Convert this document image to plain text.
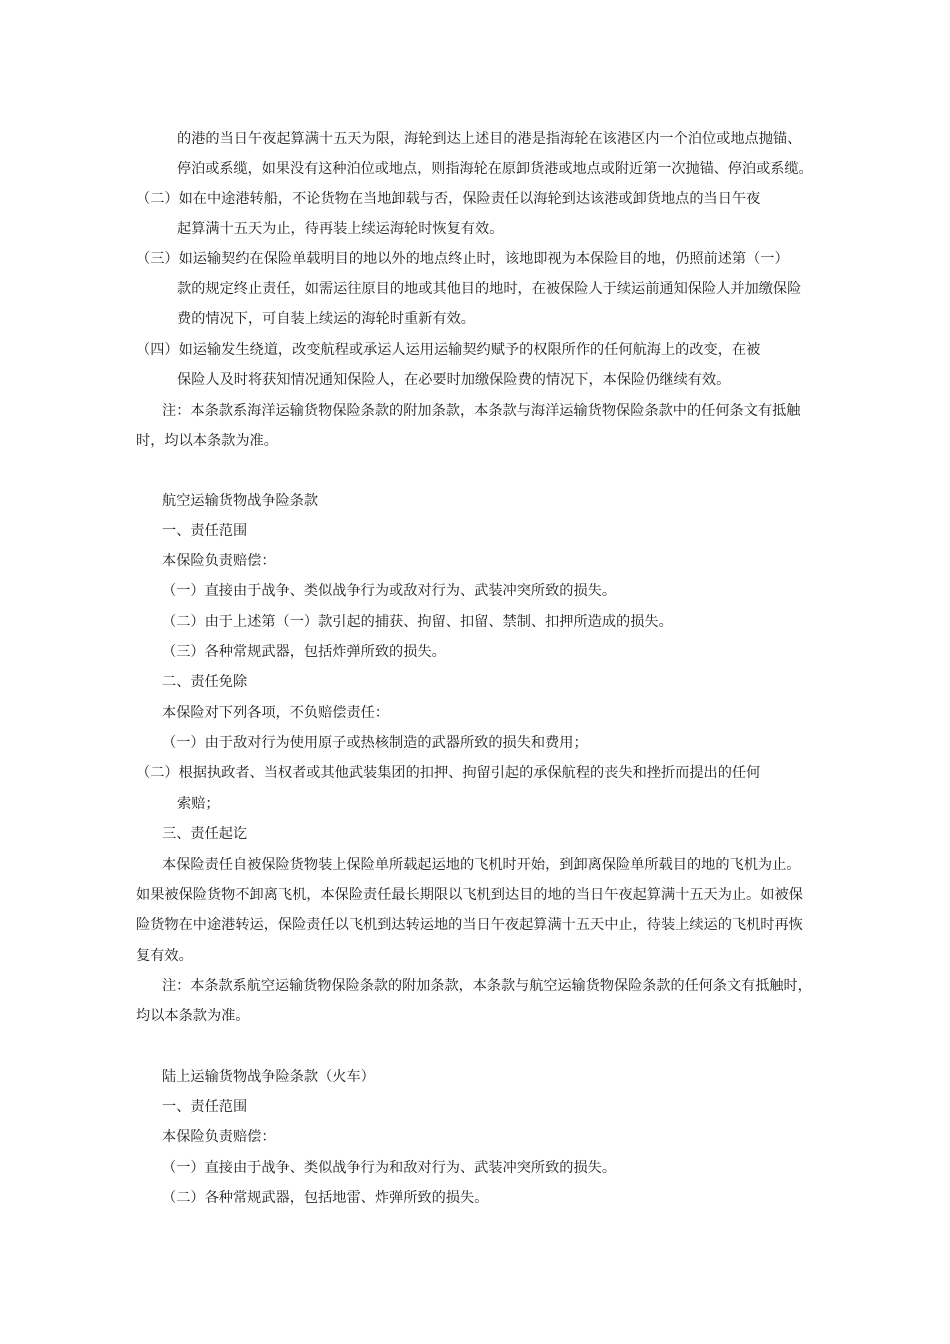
的港的当日午夜起算满十五天为限，海轮到达上述目的港是指海轮在该港区内一个泊位或地点抛锚、
停泊或系缆，如果没有这种泊位或地点，则指海轮在原卸货港或地点或附近第一次抛锚、停泊或系缆。
（二）如在中途港转船，不论货物在当地卸载与否，保险责任以海轮到达该港或卸货地点的当日午夜
起算满十五天为止，待再装上续运海轮时恢复有效。
（三）如运输契约在保险单载明目的地以外的地点终止时，该地即视为本保险目的地，仍照前述第（一）
款的规定终止责任，如需运往原目的地或其他目的地时，在被保险人于续运前通知保险人并加缴保险
费的情况下，可自装上续运的海轮时重新有效。
（四）如运输发生绕道，改变航程或承运人运用运输契约赋予的权限所作的任何航海上的改变，在被
保险人及时将获知情况通知保险人，在必要时加缴保险费的情况下，本保险仍继续有效。
注：本条款系海洋运输货物保险条款的附加条款，本条款与海洋运输货物保险条款中的任何条文有抵触
时，均以本条款为准。
航空运输货物战争险条款
一、责任范围
本保险负责赔偿：
（一）直接由于战争、类似战争行为或敌对行为、武装冲突所致的损失。
（二）由于上述第（一）款引起的捕获、拘留、扣留、禁制、扣押所造成的损失。
（三）各种常规武器，包括炸弹所致的损失。
二、责任免除
本保险对下列各项，不负赔偿责任：
（一）由于敌对行为使用原子或热核制造的武器所致的损失和费用；
（二）根据执政者、当权者或其他武装集团的扣押、拘留引起的承保航程的丧失和挫折而提出的任何
索赔；
三、责任起讫
本保险责任自被保险货物装上保险单所载起运地的飞机时开始，到卸离保险单所载目的地的飞机为止。
如果被保险货物不卸离飞机，本保险责任最长期限以飞机到达目的地的当日午夜起算满十五天为止。如被保
险货物在中途港转运，保险责任以飞机到达转运地的当日午夜起算满十五天中止，待装上续运的飞机时再恢
复有效。
注：本条款系航空运输货物保险条款的附加条款，本条款与航空运输货物保险条款的任何条文有抵触时，
均以本条款为准。
陆上运输货物战争险条款（火车）
一、责任范围
本保险负责赔偿：
（一）直接由于战争、类似战争行为和敌对行为、武装冲突所致的损失。
（二）各种常规武器，包括地雷、炸弹所致的损失。
